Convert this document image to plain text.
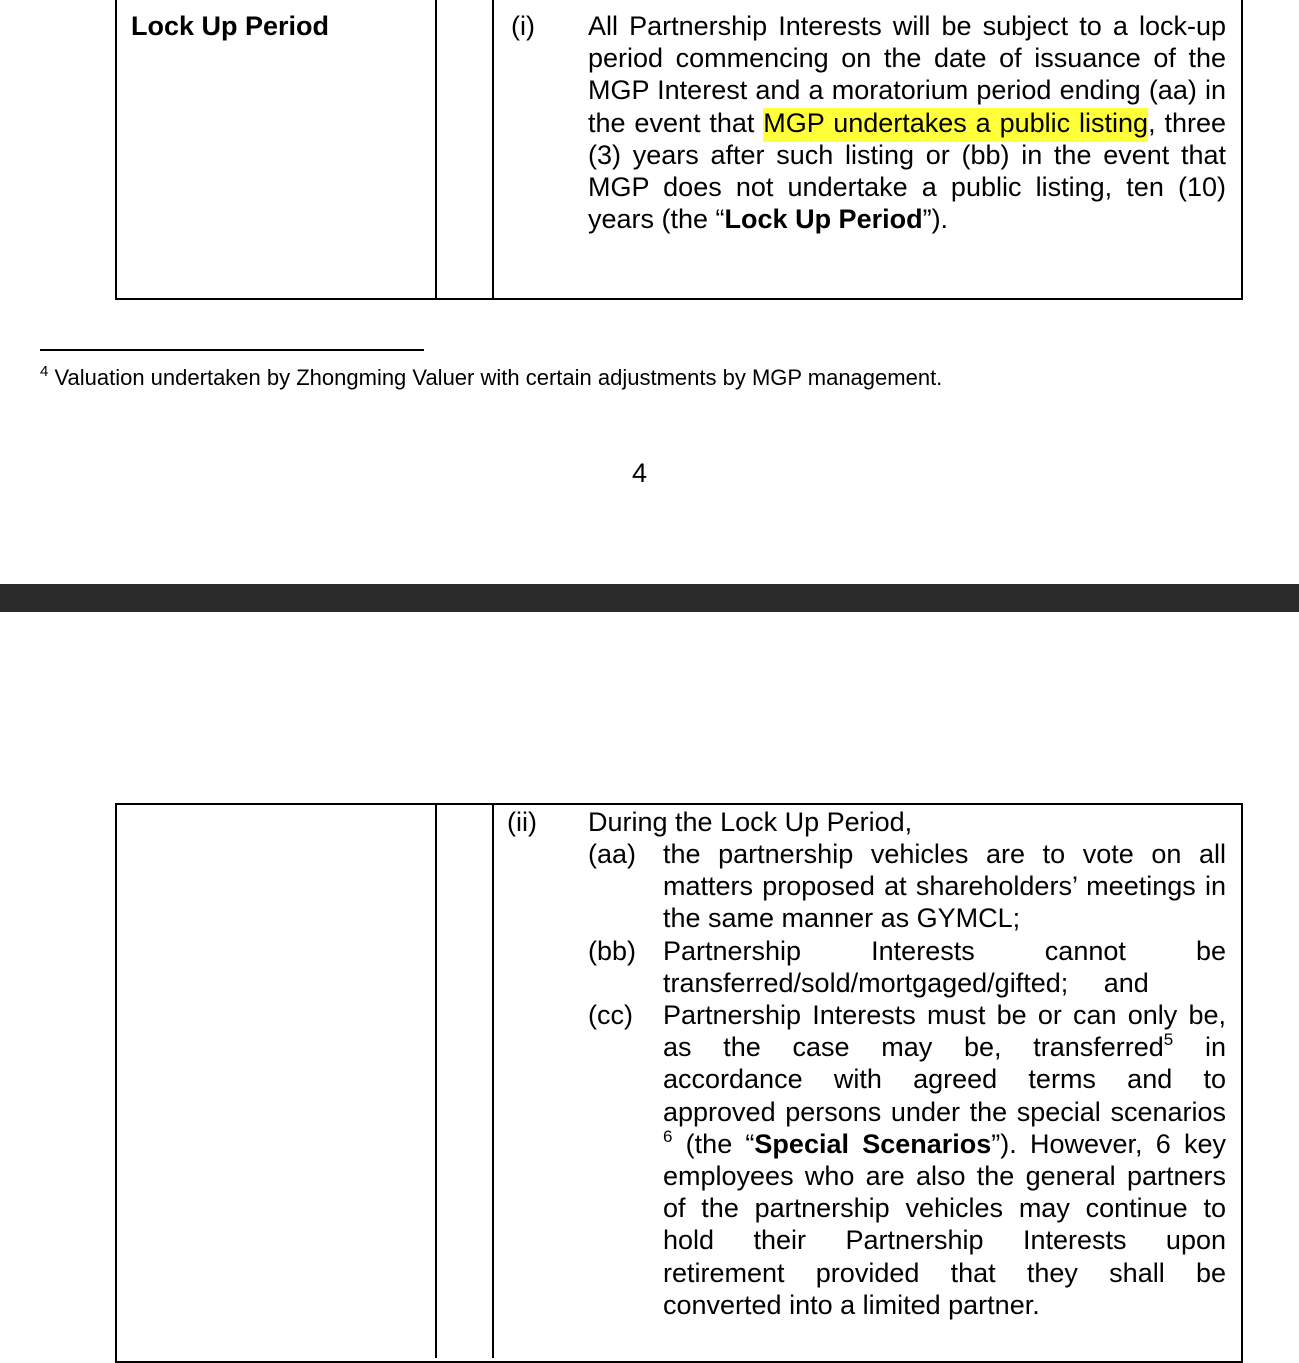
Lock Up Period	(i) All Partnership Interests will be subject to a lock-up period commencing on the date of issuance of the MGP Interest and a moratorium period ending (aa) in the event that MGP undertakes a public listing, three (3) years after such listing or (bb) in the event that MGP does not undertake a public listing, ten (10) years (the “Lock Up Period”).
$^4$ Valuation undertaken by Zhongming Valuer with certain adjustments by MGP management.
4
(ii) During the Lock Up Period,
(aa) the partnership vehicles are to vote on all matters proposed at shareholders’ meetings in the same manner as GYMCL;
(bb) Partnership Interests cannot be transferred/sold/mortgaged/gifted; and
(cc) Partnership Interests must be or can only be, as the case may be, transferred$^5$ in accordance with agreed terms and to approved persons under the special scenarios $^6$ (the “Special Scenarios”). However, 6 key employees who are also the general partners of the partnership vehicles may continue to hold their Partnership Interests upon retirement provided that they shall be converted into a limited partner.
